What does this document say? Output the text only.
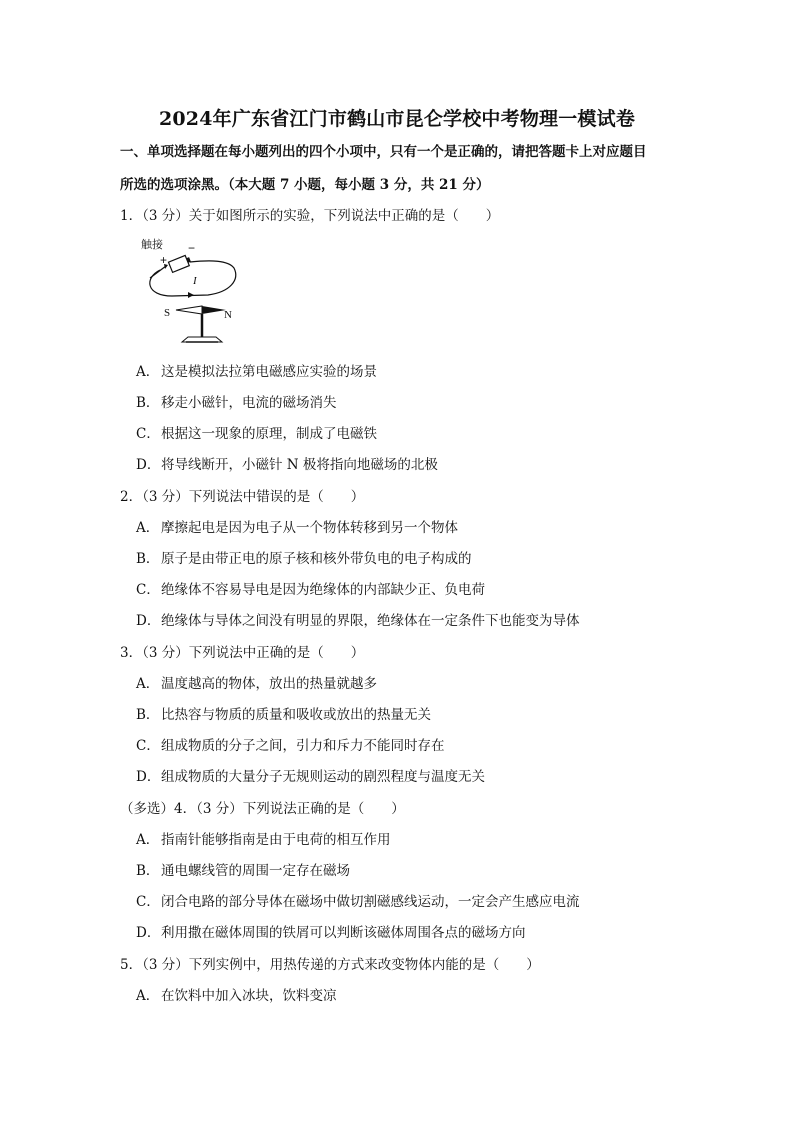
2024年广东省江门市鹤山市昆仑学校中考物理一模试卷
一、单项选择题在每小题列出的四个小项中，只有一个是正确的，请把答题卡上对应题目
所选的选项涂黑。（本大题 7 小题，每小题 3 分，共 21 分）
1．（3 分）关于如图所示的实验，下列说法中正确的是（　　）
触接
+
−
I
S	N
A． 这是模拟法拉第电磁感应实验的场景
B． 移走小磁针，电流的磁场消失
C．根据这一现象的原理，制成了电磁铁
D．将导线断开，小磁针 N 极将指向地磁场的北极
2．（3 分）下列说法中错误的是（　　）
A． 摩擦起电是因为电子从一个物体转移到另一个物体
B． 原子是由带正电的原子核和核外带负电的电子构成的
C．绝缘体不容易导电是因为绝缘体的内部缺少正、负电荷
D．绝缘体与导体之间没有明显的界限，绝缘体在一定条件下也能变为导体
3．（3 分）下列说法中正确的是（　　）
A． 温度越高的物体，放出的热量就越多
B． 比热容与物质的质量和吸收或放出的热量无关
C．组成物质的分子之间，引力和斥力不能同时存在
D．组成物质的大量分子无规则运动的剧烈程度与温度无关
（多选）4．（3 分）下列说法正确的是（　　）
A． 指南针能够指南是由于电荷的相互作用
B． 通电螺线管的周围一定存在磁场
C．闭合电路的部分导体在磁场中做切割磁感线运动，一定会产生感应电流
D．利用撒在磁体周围的铁屑可以判断该磁体周围各点的磁场方向
5．（3 分）下列实例中，用热传递的方式来改变物体内能的是（　　）
A． 在饮料中加入冰块，饮料变凉
